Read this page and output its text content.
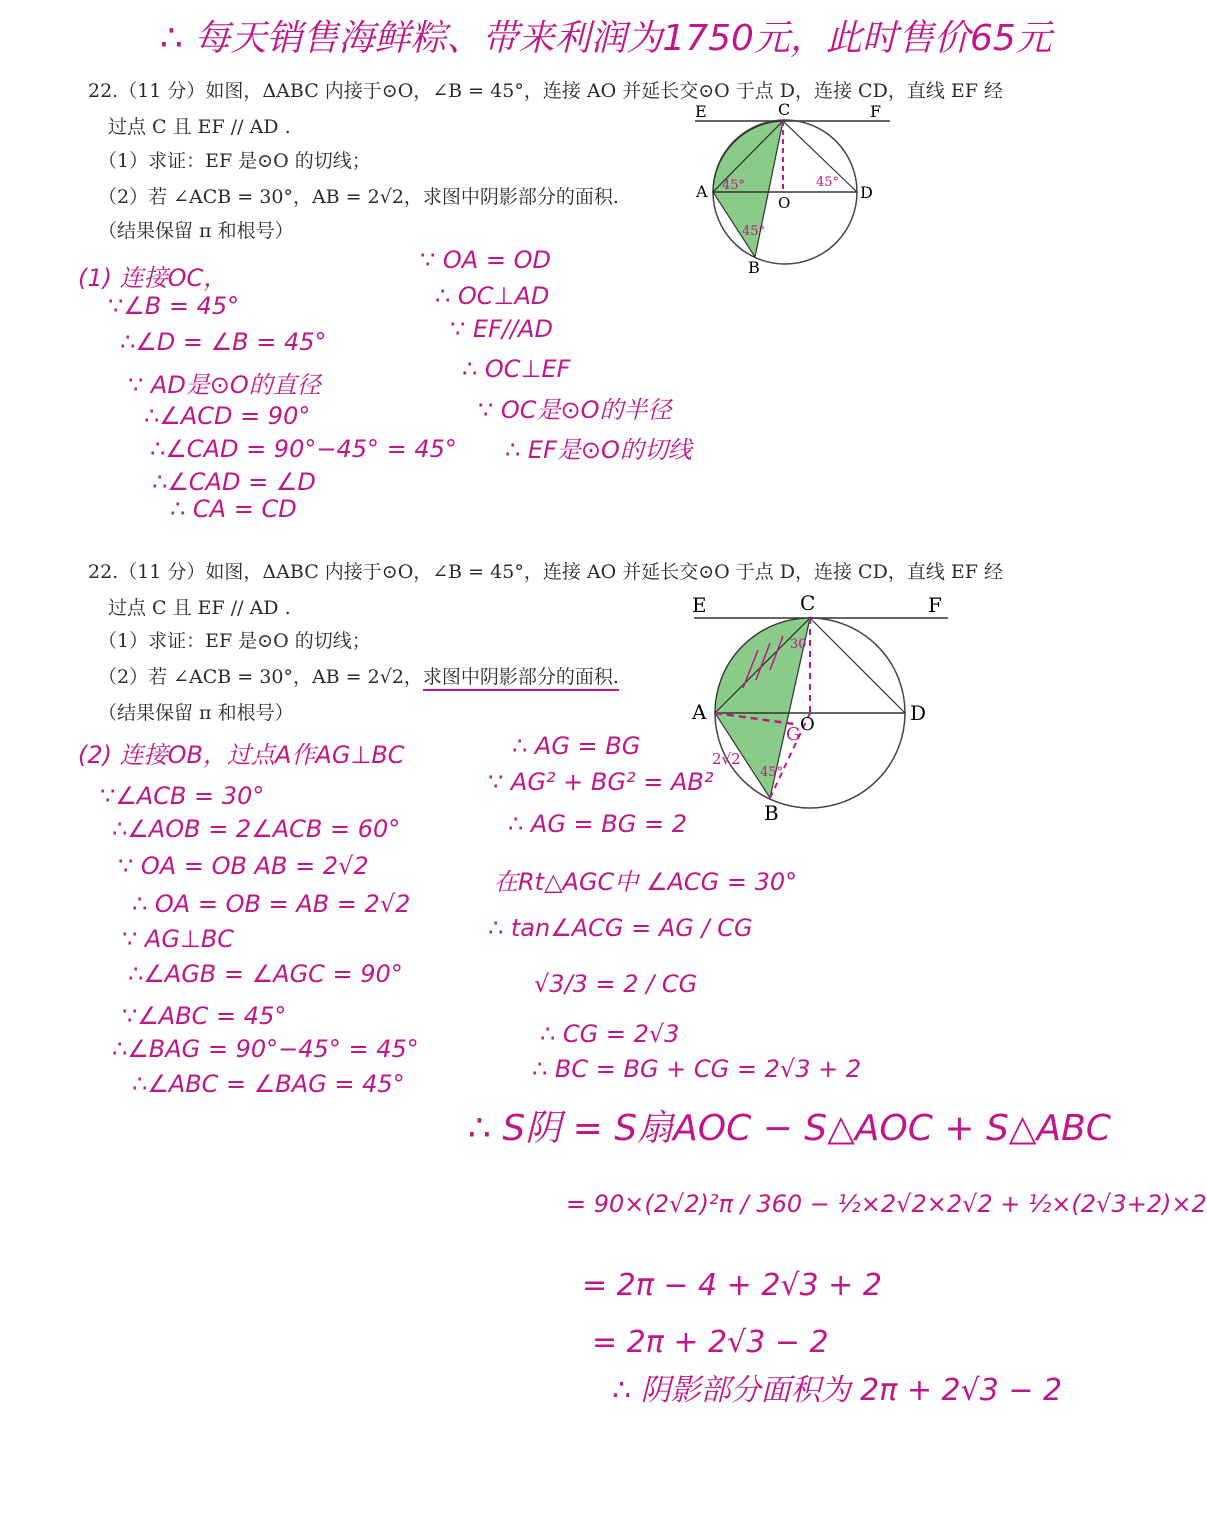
∴ 每天销售海鲜粽、带来利润为1750元，此时售价65元
22.（11 分）如图，ΔABC 内接于⊙O，∠B = 45°，连接 AO 并延长交⊙O 于点 D，连接 CD，直线 EF 经
过点 C 且 EF // AD .
（1）求证：EF 是⊙O 的切线；
（2）若 ∠ACB = 30°，AB = 2√2，求图中阴影部分的面积.
（结果保留 π 和根号）
E	C	F
A
O
D
B
45°	45°
45°
(1) 连接OC，
∵∠B = 45°
∴∠D = ∠B = 45°
∵ AD是⊙O的直径
∴∠ACD = 90°
∴∠CAD = 90°−45° = 45°
∴∠CAD = ∠D
∴ CA = CD
∵ OA = OD
∴ OC⊥AD
∵ EF//AD
∴ OC⊥EF
∵ OC是⊙O的半径
∴ EF是⊙O的切线
22.（11 分）如图，ΔABC 内接于⊙O，∠B = 45°，连接 AO 并延长交⊙O 于点 D，连接 CD，直线 EF 经
过点 C 且 EF // AD .
（1）求证：EF 是⊙O 的切线；
（2）若 ∠ACB = 30°，AB = 2√2，求图中阴影部分的面积.
（结果保留 π 和根号）
E	C	F
A
O	D
B
G
2√2
45°
30
(2) 连接OB，过点A作AG⊥BC
∵∠ACB = 30°
∴∠AOB = 2∠ACB = 60°
∵ OA = OB AB = 2√2
∴ OA = OB = AB = 2√2
∵ AG⊥BC
∴∠AGB = ∠AGC = 90°
∵∠ABC = 45°
∴∠BAG = 90°−45° = 45°
∴∠ABC = ∠BAG = 45°
∴ AG = BG
∵ AG² + BG² = AB²
∴ AG = BG = 2
在Rt△AGC中 ∠ACG = 30°
∴ tan∠ACG = AG / CG
√3/3 = 2 / CG
∴ CG = 2√3
∴ BC = BG + CG = 2√3 + 2
∴ S阴 = S扇AOC − S△AOC + S△ABC
= 90×(2√2)²π / 360 − ½×2√2×2√2 + ½×(2√3+2)×2
= 2π − 4 + 2√3 + 2
= 2π + 2√3 − 2
∴ 阴影部分面积为 2π + 2√3 − 2
